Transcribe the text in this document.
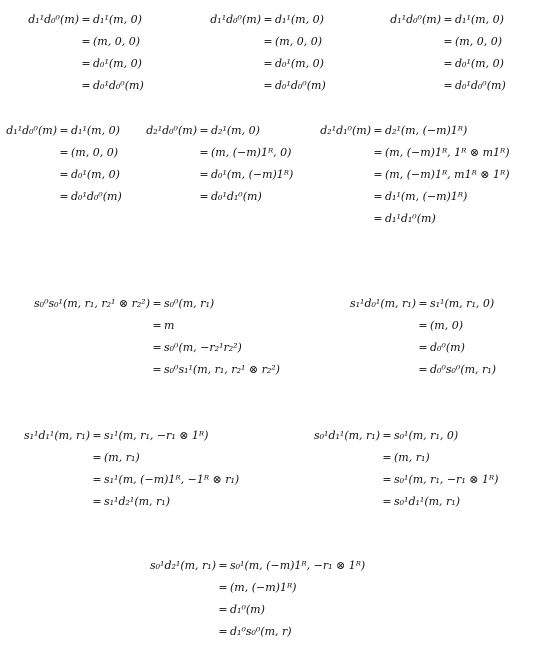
d₁¹d₀⁰(m) = d₁¹(m, 0)
= (m, 0, 0)
= d₀¹(m, 0)
= d₀¹d₀⁰(m)
d₁¹d₀⁰(m) = d₁¹(m, 0)
= (m, 0, 0)
= d₀¹(m, 0)
= d₀¹d₀⁰(m)
d₁¹d₀⁰(m) = d₁¹(m, 0)
= (m, 0, 0)
= d₀¹(m, 0)
= d₀¹d₀⁰(m)
d₁¹d₀⁰(m) = d₁¹(m, 0)
= (m, 0, 0)
= d₀¹(m, 0)
= d₀¹d₀⁰(m)
d₂¹d₀⁰(m) = d₂¹(m, 0)
= (m, (−m)1ᴿ, 0)
= d₀¹(m, (−m)1ᴿ)
= d₀¹d₁⁰(m)
d₂¹d₁⁰(m) = d₂¹(m, (−m)1ᴿ)
= (m, (−m)1ᴿ, 1ᴿ ⊗ m1ᴿ)
= (m, (−m)1ᴿ, m1ᴿ ⊗ 1ᴿ)
= d₁¹(m, (−m)1ᴿ)
= d₁¹d₁⁰(m)
s₀⁰s₀¹(m, r₁, r₂¹ ⊗ r₂²) = s₀⁰(m, r₁)
= m
= s₀⁰(m, −r₂¹r₂²)
= s₀⁰s₁¹(m, r₁, r₂¹ ⊗ r₂²)
s₁¹d₀¹(m, r₁) = s₁¹(m, r₁, 0)
= (m, 0)
= d₀⁰(m)
= d₀⁰s₀⁰(m, r₁)
s₁¹d₁¹(m, r₁) = s₁¹(m, r₁, −r₁ ⊗ 1ᴿ)
= (m, r₁)
= s₁¹(m, (−m)1ᴿ, −1ᴿ ⊗ r₁)
= s₁¹d₂¹(m, r₁)
s₀¹d₁¹(m, r₁) = s₀¹(m, r₁, 0)
= (m, r₁)
= s₀¹(m, r₁, −r₁ ⊗ 1ᴿ)
= s₀¹d₁¹(m, r₁)
s₀¹d₂¹(m, r₁) = s₀¹(m, (−m)1ᴿ, −r₁ ⊗ 1ᴿ)
= (m, (−m)1ᴿ)
= d₁⁰(m)
= d₁⁰s₀⁰(m, r)
